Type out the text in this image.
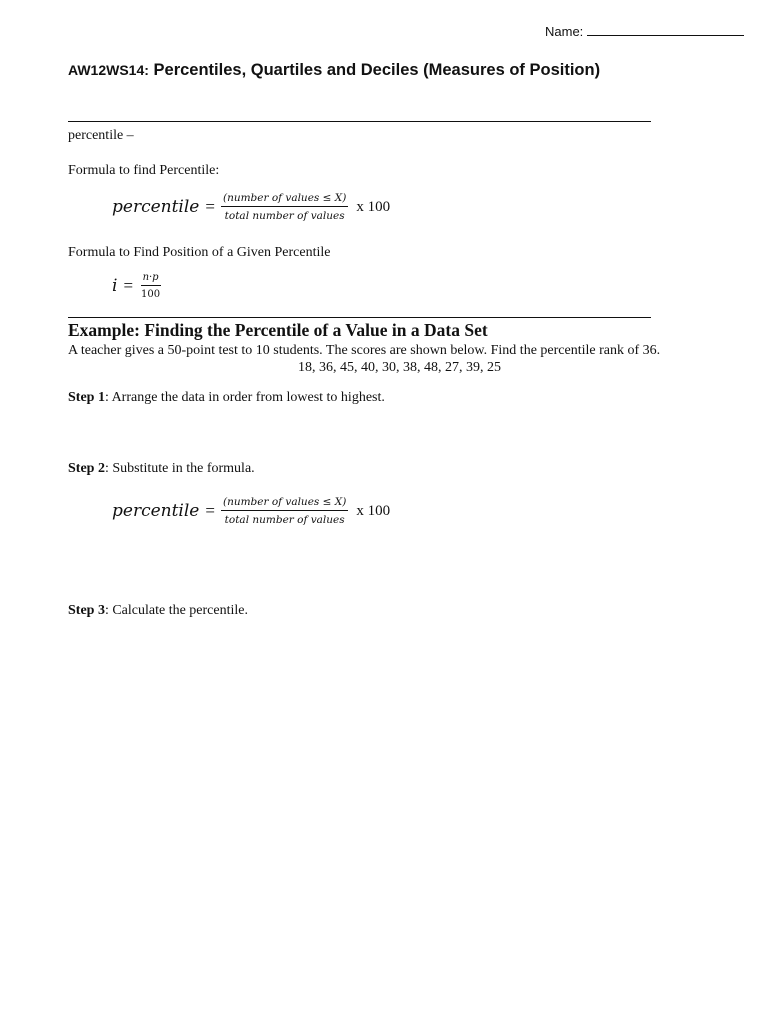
Name:
AW12WS14: Percentiles, Quartiles and Deciles (Measures of Position)
percentile –
Formula to find Percentile:
percentile = $\frac{\text{(number of values ≤ X)}}{\text{total number of values}}$ x 100
Formula to Find Position of a Given Percentile
$i = \frac{n\cdot p}{100}$
Example: Finding the Percentile of a Value in a Data Set
A teacher gives a 50-point test to 10 students. The scores are shown below. Find the percentile rank of 36.
18, 36, 45, 40, 30, 38, 48, 27, 39, 25
Step 1: Arrange the data in order from lowest to highest.
Step 2: Substitute in the formula.
percentile = $\frac{\text{(number of values ≤ X)}}{\text{total number of values}}$ x 100
Step 3: Calculate the percentile.
